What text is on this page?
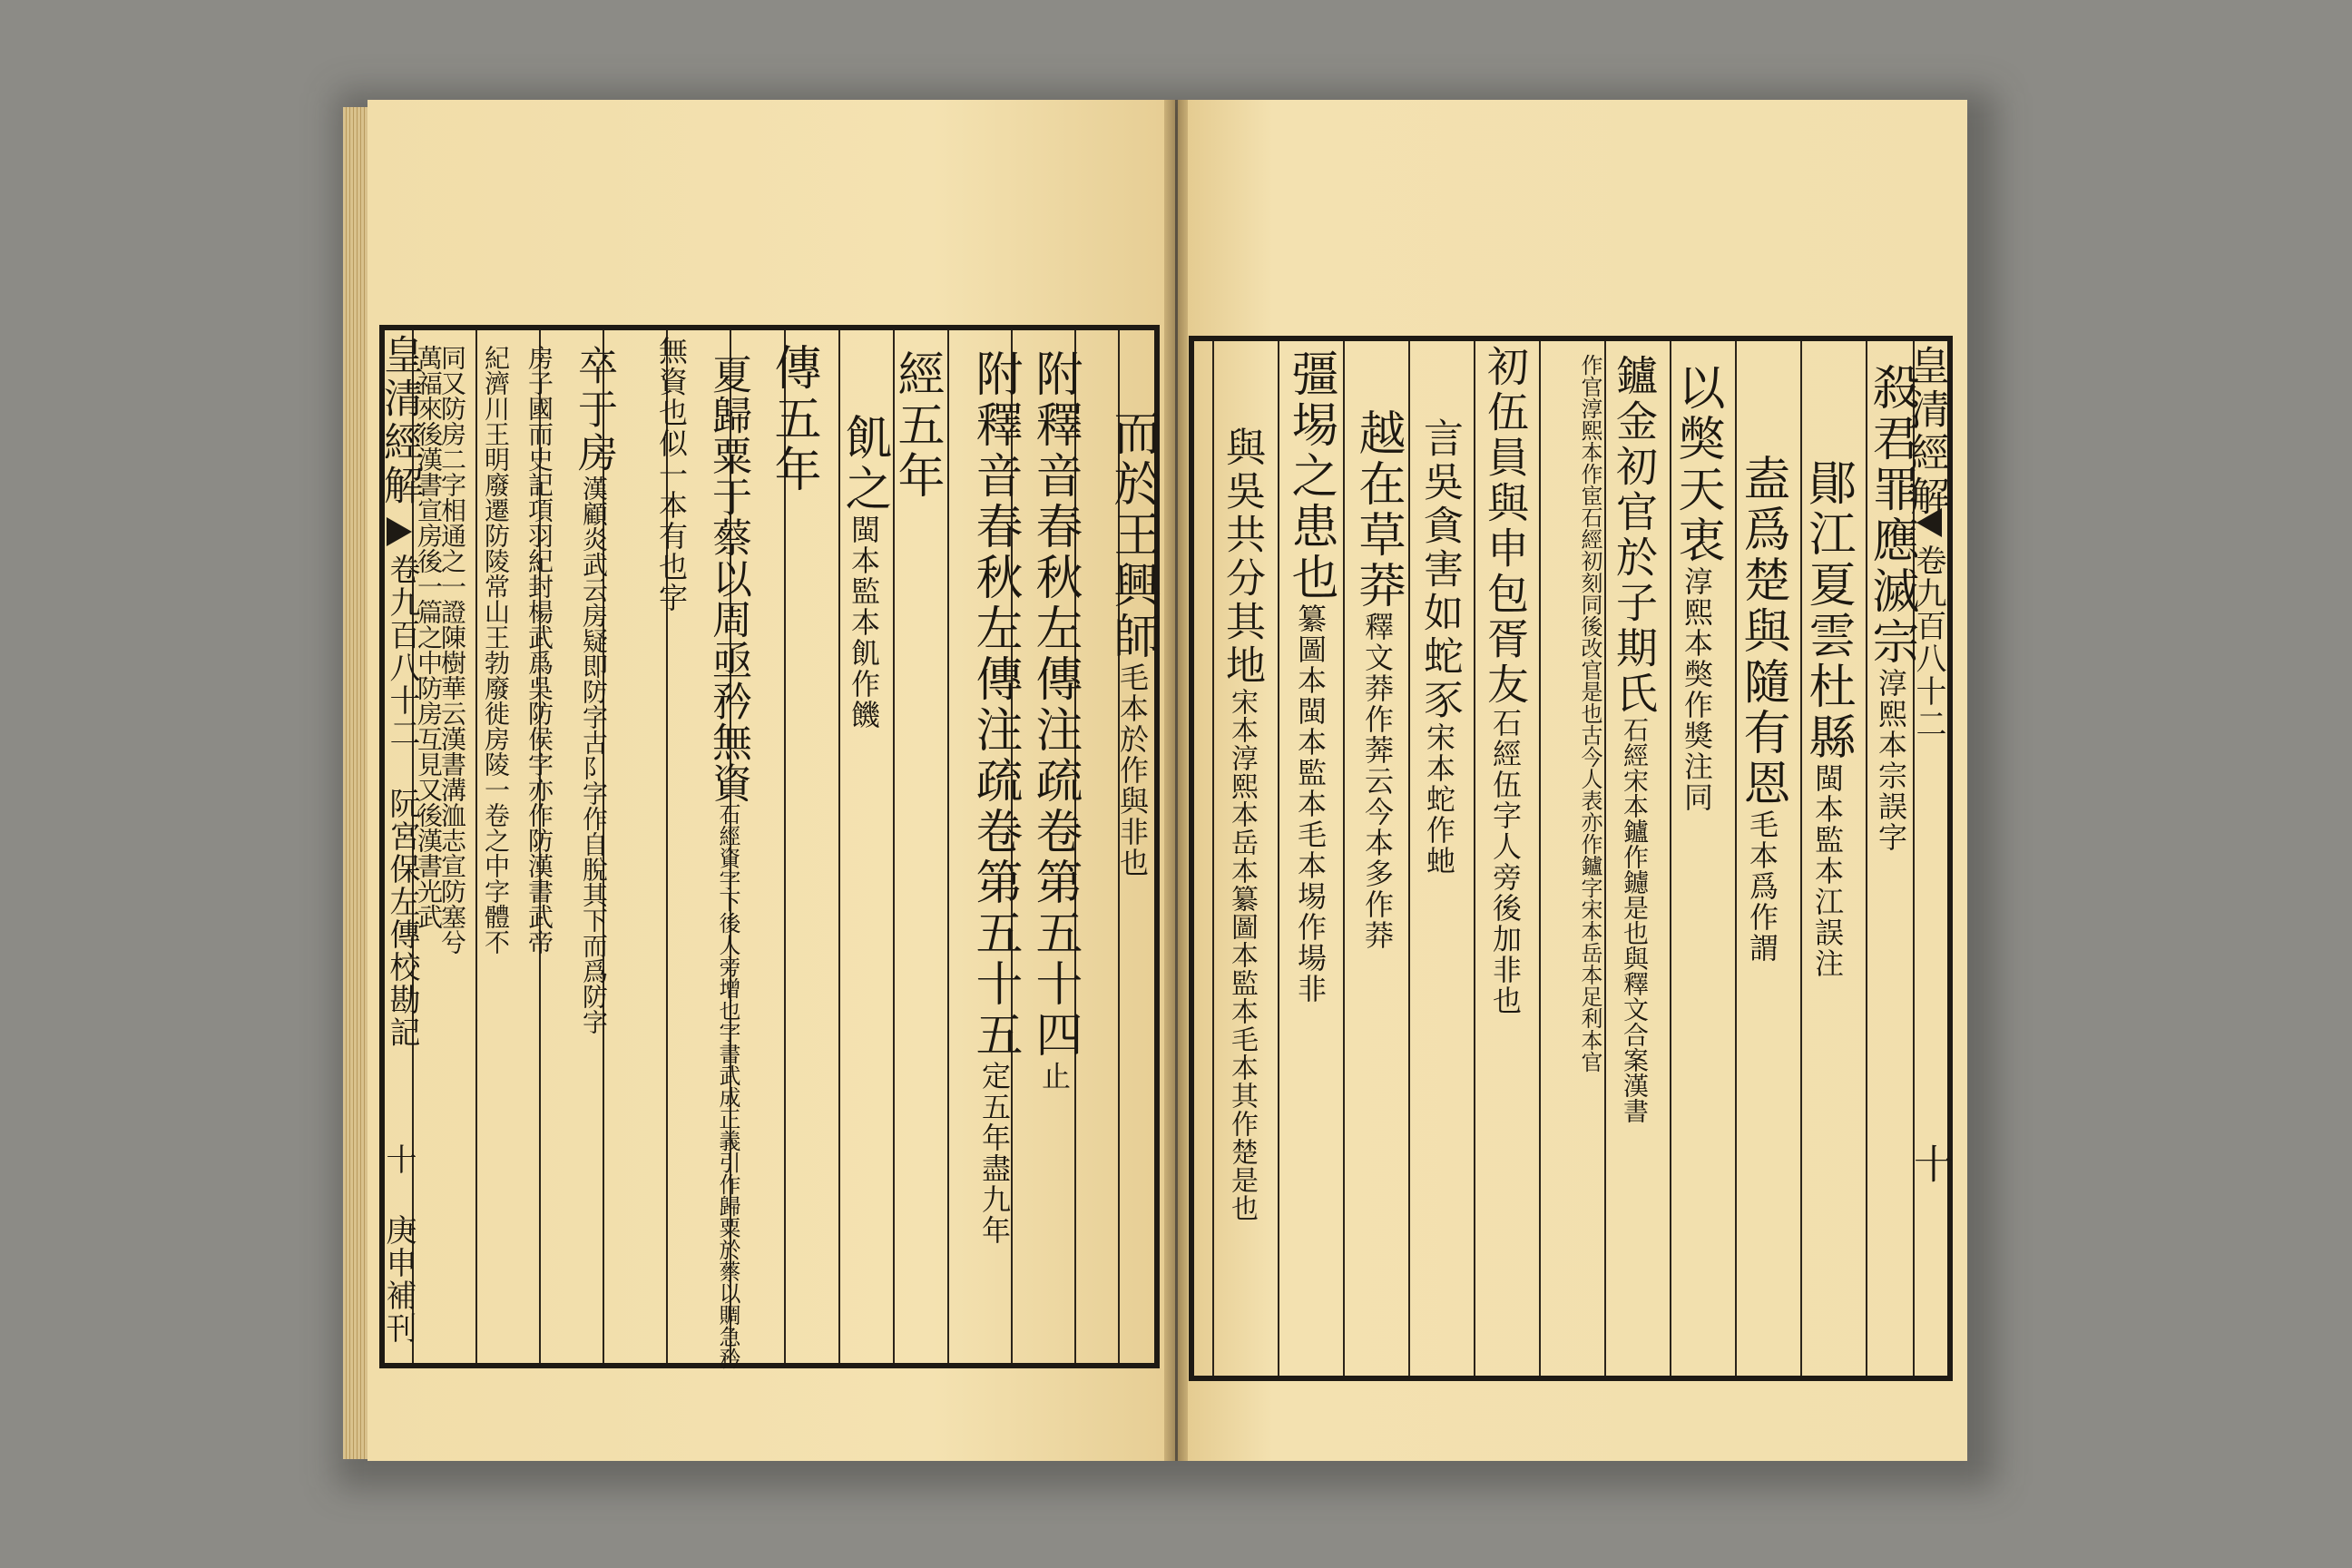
皇清經解
卷九百八十二 阮宮保左傳校勘記
十 庚申補刊
而於王興師毛本於作與非也
附釋音春秋左傳注疏卷第五十四止
附釋音春秋左傳注疏卷第五十五定五年盡九年
經五年
飢之閩本監本飢作饑
傳五年
夏歸粟于蔡以周亟矜無資石經資字下後人旁增也字書武成正義引作歸粟於蔡以賙急矜
無資也似一本有也字
卒于房漢顧炎武云房疑即防字古阝字作自脫其下而爲防字
房子國而史記項羽紀封楊武爲吳防侯字亦作防漢書武帝
紀濟川王明廢遷防陵常山王勃廢徙房陵一卷之中字體不
同又防房二字相通之一證陳樹華云漢書溝洫志宣防塞兮
萬福來後漢書宣房後一篇之中防房互見又後漢書光武	皇清經解
卷九百八十二
十
殺君罪應滅宗淳熙本宗誤字
鄖江夏雲杜縣閩本監本江誤注
盍爲楚與隨有恩毛本爲作謂
以獘天衷淳熙本獘作獎注同
鑪金初官於子期氏石經宋本鑪作鑢是也與釋文合案漢書
作官淳熙本作宦石經初刻同後改官是也古今人表亦作鑪字宋本岳本足利本官
初伍員與申包胥友石經伍字人旁後加非也
言吳貪害如蛇豕宋本蛇作虵
越在草莽釋文莽作莾云今本多作莽
彊埸之患也纂圖本閩本監本毛本埸作場非
與吳共分其地宋本淳熙本岳本纂圖本監本毛本其作楚是也
